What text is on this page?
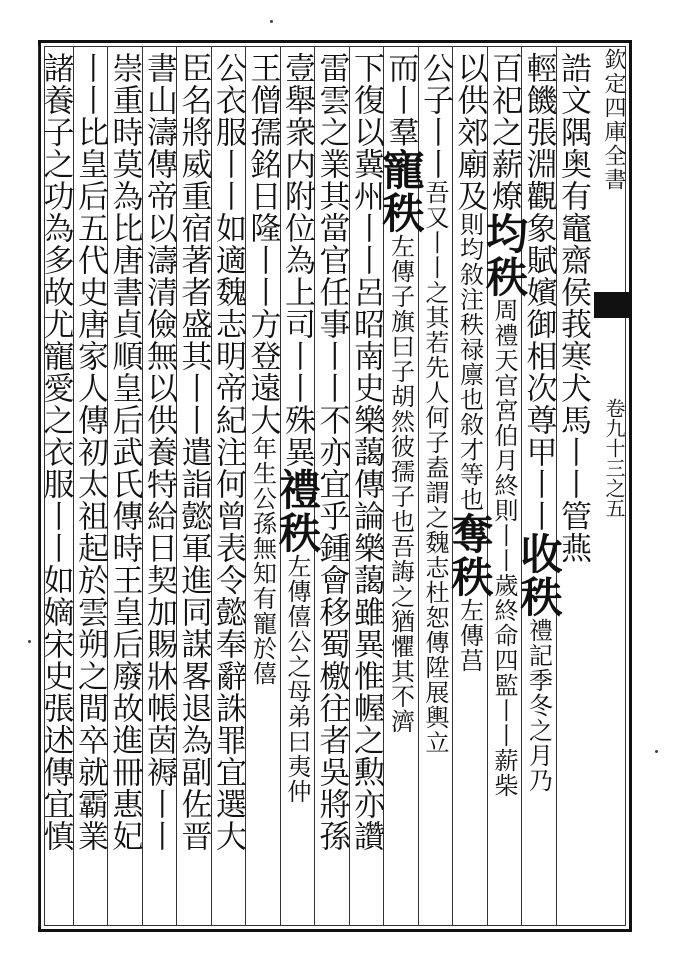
欽定四庫全書
卷九十三之五
誥文隅奥有竈齋侯莪寒犬馬丨丨管燕
輕饑張淵觀象賦嬪御相次尊甲丨丨收秩禮記季冬之月乃
百祀之薪燎均秩周禮天官宮伯月終則丨丨歲終命四監丨丨薪柴
以供郊廟及則均敘注秩禄廪也敘才等也奪秩左傳莒
公子丨丨吾又丨丨之其若先人何子盍謂之魏志杜恕傳陞展輿立
而丨羣寵秩左傳子旗曰子胡然彼孺子也吾誨之猶懼其不濟
下復以冀州丨丨呂昭南史樂藹傳論樂藹雖異惟幄之勲亦讚
雷雲之業其當官任事丨丨不亦宜乎鍾會移蜀檄往者吳將孫
壹舉衆内附位為上司丨丨殊異禮秩左傳僖公之母弟曰夷仲
王僧孺銘日隆丨丨方登遠大年生公孫無知有寵於僖
公衣服丨丨如適魏志明帝紀注何曾表令懿奉辭誅罪宜選大
臣名將威重宿著者盛其丨丨遣詣懿軍進同謀畧退為副佐晋
書山濤傳帝以濤清儉無以供養特給日契加賜牀帳茵褥丨丨
崇重時莫為比唐書貞順皇后武氏傳時王皇后廢故進冊惠妃
丨丨比皇后五代史唐家人傳初太祖起於雲朔之間卒就霸業
諸養子之功為多故尤寵愛之衣服丨丨如嫡宋史張述傳宜慎
